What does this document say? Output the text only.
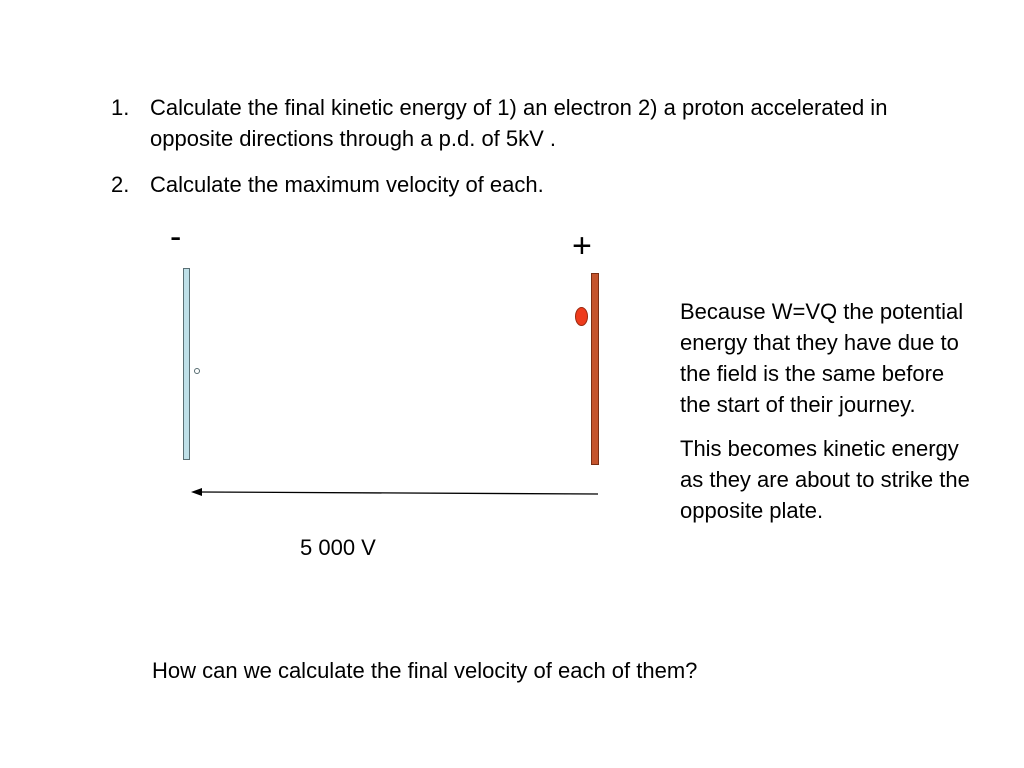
1. Calculate the final kinetic energy of 1) an electron 2) a proton accelerated in opposite directions through a p.d. of 5kV .
2. Calculate the maximum velocity of each.
-	+
5 000 V

Because W=VQ the potential energy that they have due to the field is the same before the start of their journey.

This becomes kinetic energy as they are about to strike the opposite plate.

How can we calculate the final velocity of each of them?
